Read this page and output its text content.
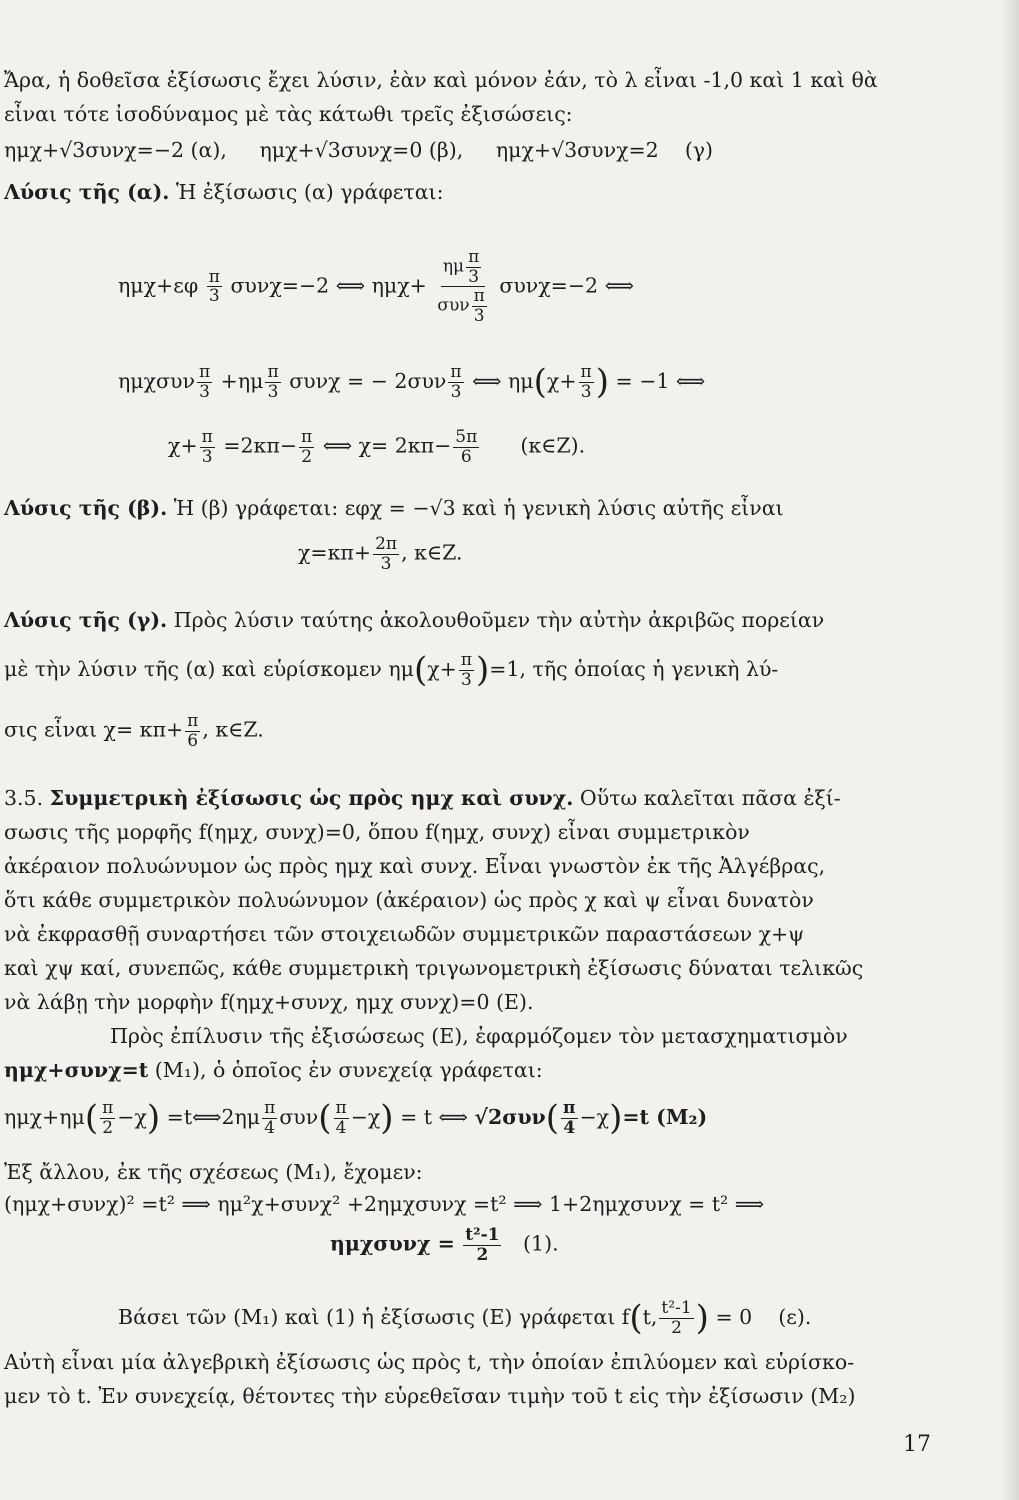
Ἄρα, ἡ δοθεῖσα ἐξίσωσις ἔχει λύσιν, ἐὰν καὶ μόνον ἐάν, τὸ λ εἶναι -1,0 καὶ 1 καὶ θὰ
εἶναι τότε ἰσοδύναμος μὲ τὰς κάτωθι τρεῖς ἐξισώσεις:
ημχ+√3συνχ=−2 (α), ημχ+√3συνχ=0 (β), ημχ+√3συνχ=2 (γ)
Λύσις τῆς (α). Ἡ ἐξίσωσις (α) γράφεται:
$\eta\mu\chi+\varepsilon\varphi \frac{\pi}{3} \sigma\upsilon\nu\chi=-2$ ⟺ $\eta\mu\chi+ \frac{\eta\mu \frac{\pi}{3}}{\sigma\upsilon\nu \frac{\pi}{3}} \sigma\upsilon\nu\chi=-2$ ⟺
ημχσυν $\frac{\pi}{3} +\eta\mu \frac{\pi}{3}$ συνχ = − $2\sigma\upsilon\nu \frac{\pi}{3}$ ⟺ $\eta\mu(\chi+ \frac{\pi}{3}$ ) = −1 ⟺
$\chi+ \frac{\pi}{3} =2\kappa\pi- \frac{\pi}{2}$ ⟺ $\chi= 2\kappa\pi- \frac{5\pi}{6}$ (κ∈Z).
Λύσις τῆς (β). Ἡ (β) γράφεται: εφχ = −√3 καὶ ἡ γενικὴ λύσις αὐτῆς εἶναι
$\chi=\kappa\pi+ \frac{2\pi}{3}$ , κ∈Z.
Λύσις τῆς (γ). Πρὸς λύσιν ταύτης ἀκολουθοῦμεν τὴν αὐτὴν ἀκριβῶς πορείαν
μὲ τὴν λύσιν τῆς (α) καὶ εὑρίσκομεν $\eta\mu(\chi+ \frac{\pi}{3} )=1$, τῆς ὁποίας ἡ γενικὴ λύ-
σις εἶναι $\chi= \kappa\pi+ \frac{\pi}{6}$ , κ∈Z.
3.5. Συμμετρικὴ ἐξίσωσις ὡς πρὸς ημχ καὶ συνχ. Οὕτω καλεῖται πᾶσα ἐξί-
σωσις τῆς μορφῆς f(ημχ, συνχ)=0, ὅπου f(ημχ, συνχ) εἶναι συμμετρικὸν
ἀκέραιον πολυώνυμον ὡς πρὸς ημχ καὶ συνχ. Εἶναι γνωστὸν ἐκ τῆς Ἀλγέβρας,
ὅτι κάθε συμμετρικὸν πολυώνυμον (ἀκέραιον) ὡς πρὸς χ καὶ ψ εἶναι δυνατὸν
νὰ ἐκφρασθῇ συναρτήσει τῶν στοιχειωδῶν συμμετρικῶν παραστάσεων χ+ψ
καὶ χψ καί, συνεπῶς, κάθε συμμετρικὴ τριγωνομετρικὴ ἐξίσωσις δύναται τελικῶς
νὰ λάβῃ τὴν μορφὴν f(ημχ+συνχ, ημχ συνχ)=0 (Ε).
Πρὸς ἐπίλυσιν τῆς ἐξισώσεως (Ε), ἐφαρμόζομεν τὸν μετασχηματισμὸν
ημχ+συνχ=t (Μ₁), ὁ ὁποῖος ἐν συνεχείᾳ γράφεται:
$\eta\mu\chi+\eta\mu( \frac{\pi}{2} -\chi)$ =t⟺2ημ $\frac{\pi}{4} \sigma\upsilon\nu( \frac{\pi}{4} -\chi) = t$ ⟺ $√2\sigma\upsilon\nu( \frac{\pi}{4} -\chi)=t$ (Μ₂)
Ἐξ ἄλλου, ἐκ τῆς σχέσεως (Μ₁), ἔχομεν:
(ημχ+συνχ)² =t² ⟹ ημ²χ+συνχ² +2ημχσυνχ =t² ⟹ 1+2ημχσυνχ = t² ⟹
$\eta\mu\chi\sigma\upsilon\nu\chi = \frac{\text{t²-1}}{2} (1)$.
Βάσει τῶν (Μ₁) καὶ (1) ἡ ἐξίσωσις (Ε) γράφεται f(t, $\frac{\text{t²-1}}{2}$ ) = 0 (ε).
Αὐτὴ εἶναι μία ἀλγεβρικὴ ἐξίσωσις ὡς πρὸς t, τὴν ὁποίαν ἐπιλύομεν καὶ εὑρίσκο-
μεν τὸ t. Ἐν συνεχείᾳ, θέτοντες τὴν εὑρεθεῖσαν τιμὴν τοῦ t εἰς τὴν ἐξίσωσιν (Μ₂)
17
